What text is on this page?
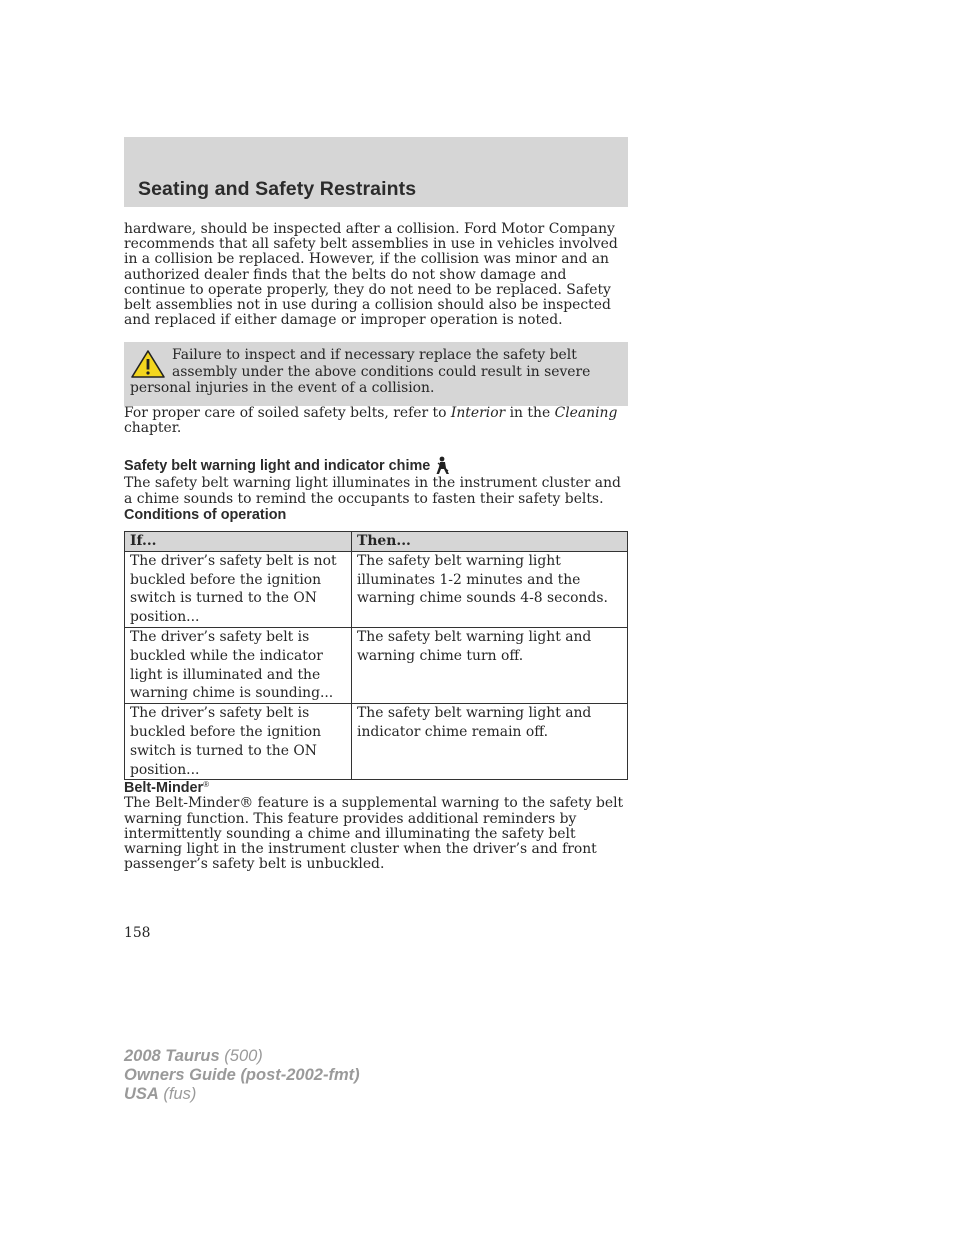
Seating and Safety Restraints

hardware, should be inspected after a collision. Ford Motor Company recommends that all safety belt assemblies in use in vehicles involved in a collision be replaced. However, if the collision was minor and an authorized dealer finds that the belts do not show damage and continue to operate properly, they do not need to be replaced. Safety belt assemblies not in use during a collision should also be inspected and replaced if either damage or improper operation is noted.

Failure to inspect and if necessary replace the safety belt assembly under the above conditions could result in severe personal injuries in the event of a collision.

For proper care of soiled safety belts, refer to Interior in the Cleaning chapter.

Safety belt warning light and indicator chime

The safety belt warning light illuminates in the instrument cluster and a chime sounds to remind the occupants to fasten their safety belts.

Conditions of operation
If...	Then...
The driver’s safety belt is not buckled before the ignition switch is turned to the ON position...	The safety belt warning light illuminates 1-2 minutes and the warning chime sounds 4-8 seconds.
The driver’s safety belt is buckled while the indicator light is illuminated and the warning chime is sounding...	The safety belt warning light and warning chime turn off.
The driver’s safety belt is buckled before the ignition switch is turned to the ON position...	The safety belt warning light and indicator chime remain off.
Belt-Minder®

The Belt-Minder® feature is a supplemental warning to the safety belt warning function. This feature provides additional reminders by intermittently sounding a chime and illuminating the safety belt warning light in the instrument cluster when the driver’s and front passenger’s safety belt is unbuckled.

158
2008 Taurus (500)
Owners Guide (post-2002-fmt)
USA (fus)
